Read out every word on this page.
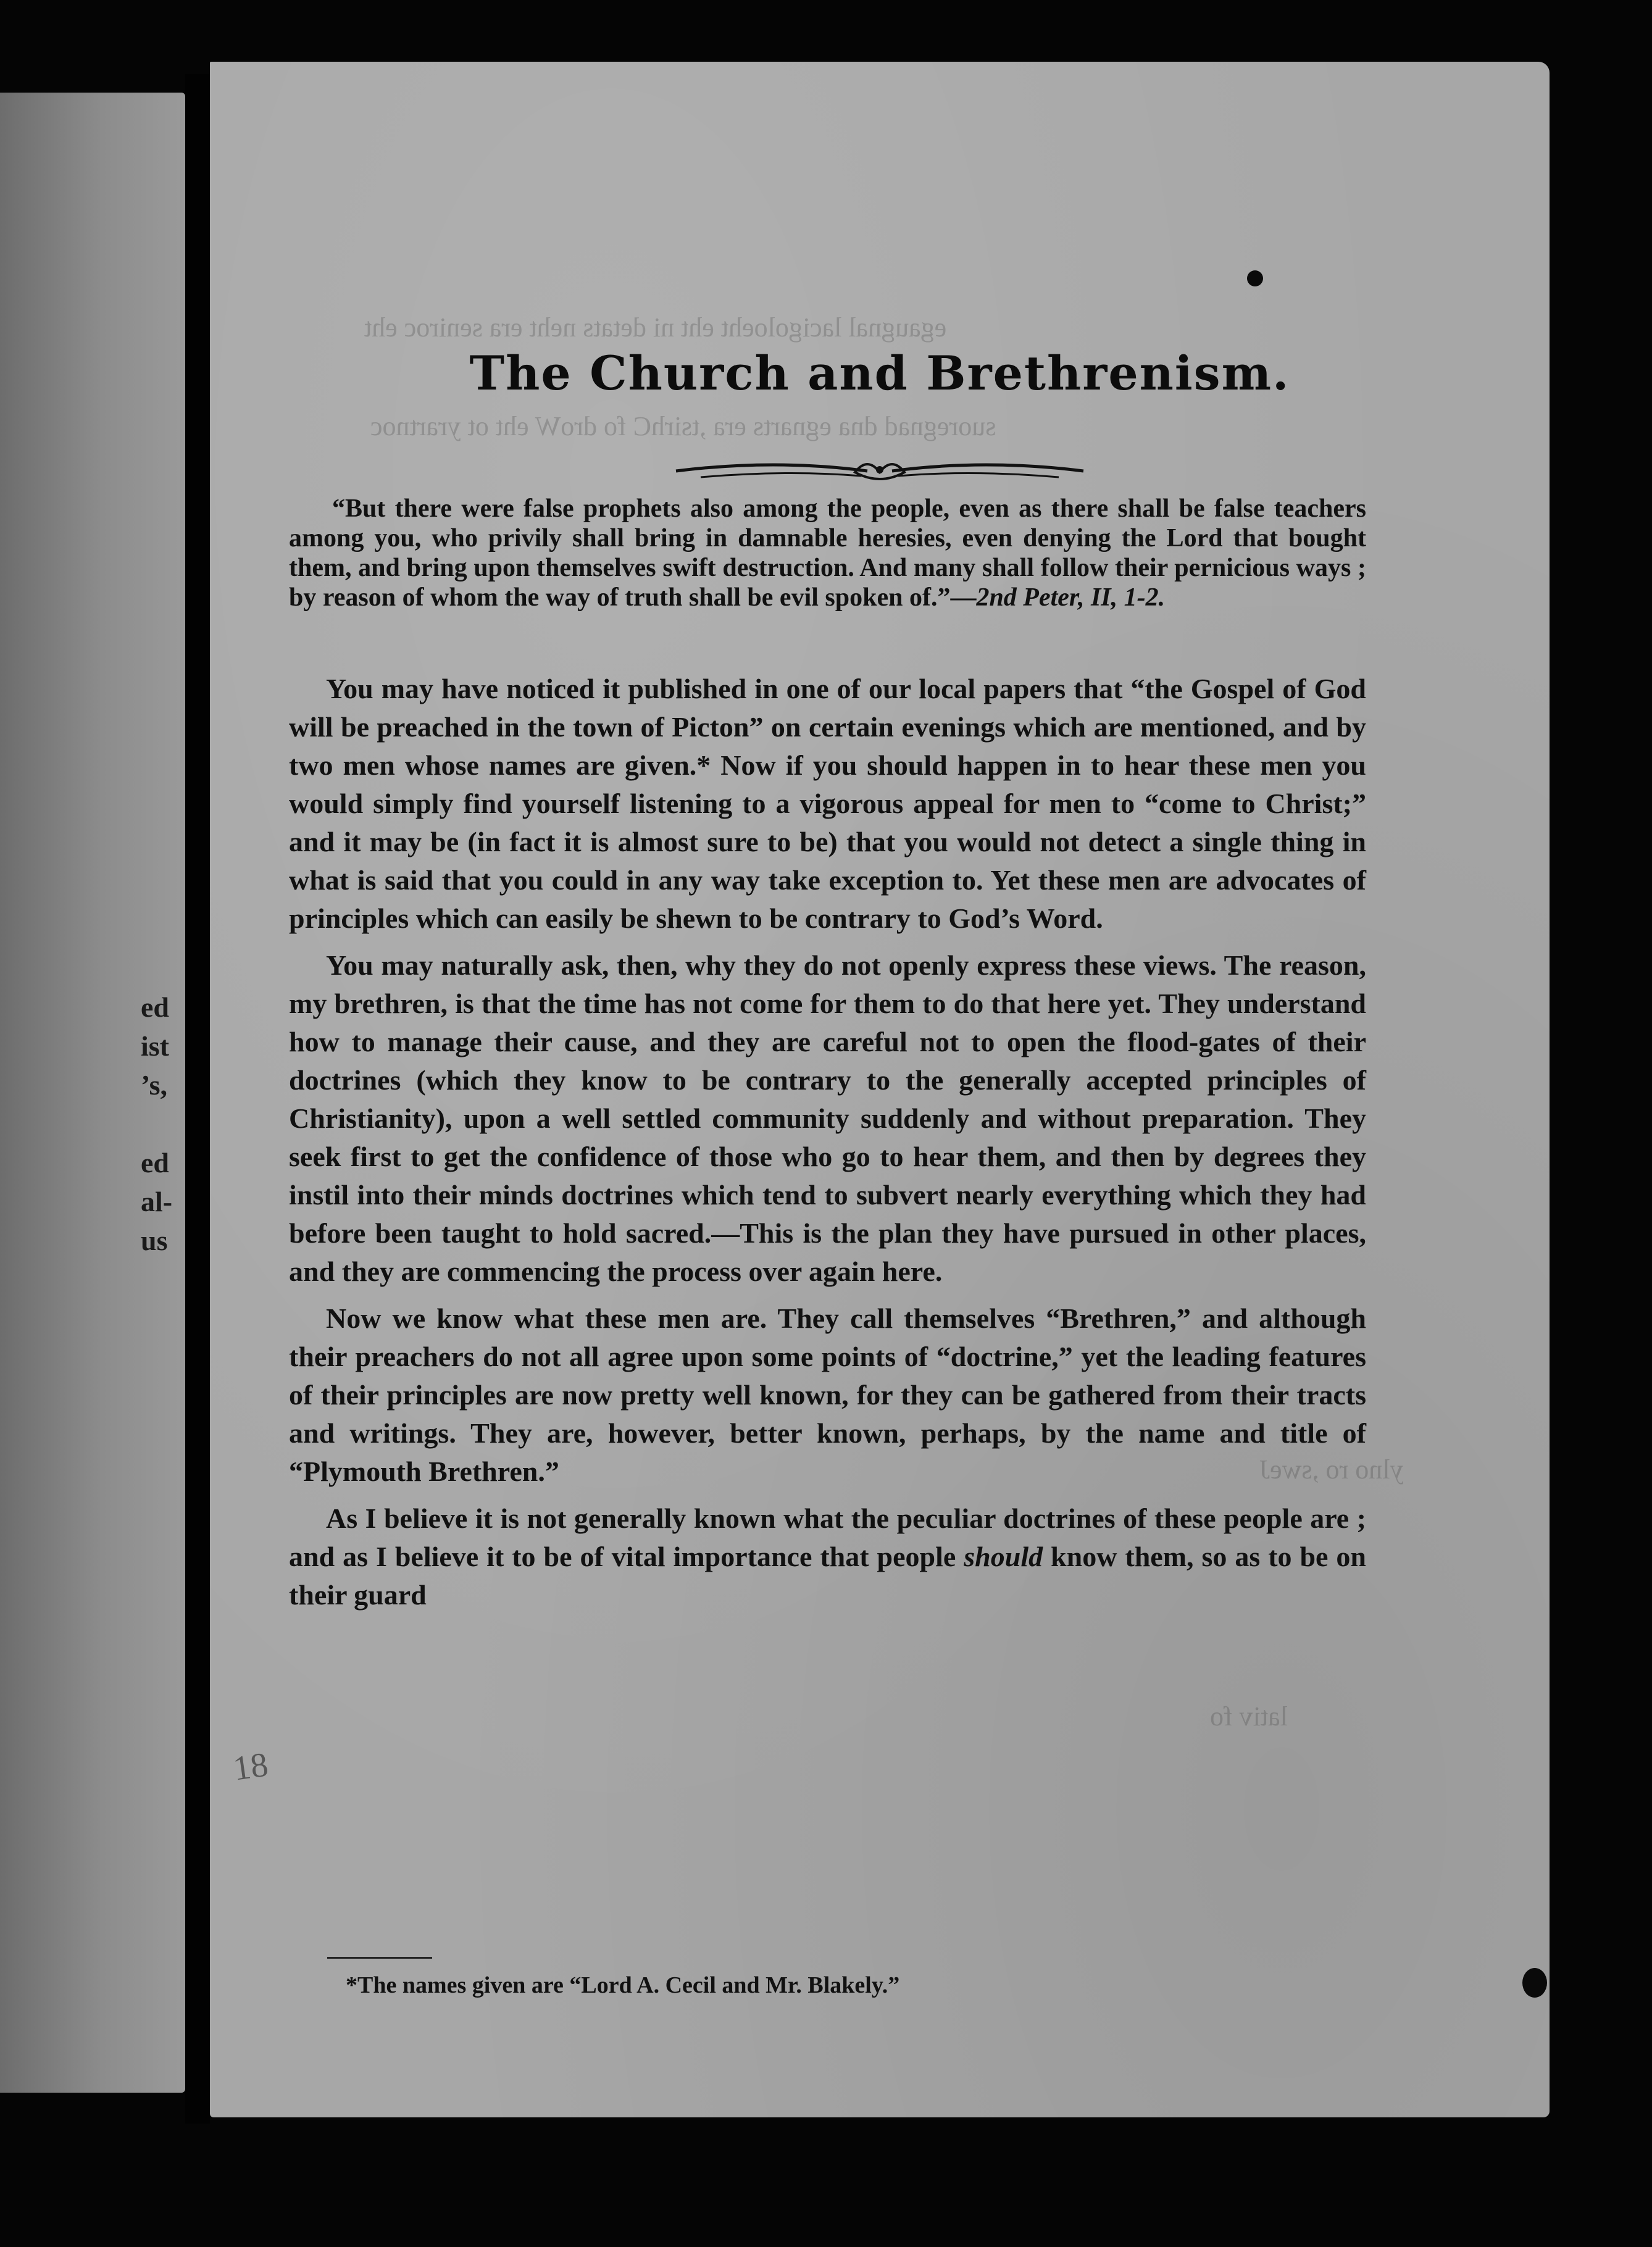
ed
ist
’s,

ed
al-
us
egaugnal lacigoloeht eht ni detats neht era seniroc eht
suoregnad dna egnarts era ,tsirhC fo droW eht ot yrartnoc
ylno ro ,sweJ
lativ fo
The Church and Brethrenism.

“But there were false prophets also among the people, even as there shall be false teachers among you, who privily shall bring in damnable heresies, even denying the Lord that bought them, and bring upon themselves swift destruction. And many shall follow their pernicious ways ; by reason of whom the way of truth shall be evil spoken of.”—2nd Peter, II, 1-2.

You may have noticed it published in one of our local papers that “the Gospel of God will be preached in the town of Picton” on certain evenings which are mentioned, and by two men whose names are given.* Now if you should happen in to hear these men you would simply find yourself listening to a vigorous appeal for men to “come to Christ;” and it may be (in fact it is almost sure to be) that you would not detect a single thing in what is said that you could in any way take exception to. Yet these men are advocates of principles which can easily be shewn to be contrary to God’s Word.

You may naturally ask, then, why they do not openly express these views. The reason, my brethren, is that the time has not come for them to do that here yet. They understand how to manage their cause, and they are careful not to open the flood-gates of their doctrines (which they know to be contrary to the generally accepted principles of Christianity), upon a well settled community suddenly and without preparation. They seek first to get the confidence of those who go to hear them, and then by degrees they instil into their minds doctrines which tend to subvert nearly everything which they had before been taught to hold sacred.—This is the plan they have pursued in other places, and they are commencing the process over again here.

Now we know what these men are. They call themselves “Brethren,” and although their preachers do not all agree upon some points of “doctrine,” yet the leading features of their principles are now pretty well known, for they can be gathered from their tracts and writings. They are, however, better known, perhaps, by the name and title of “Plymouth Brethren.”

As I believe it is not generally known what the peculiar doctrines of these people are ; and as I believe it to be of vital importance that people should know them, so as to be on their guard

*The names given are “Lord A. Cecil and Mr. Blakely.”

18
